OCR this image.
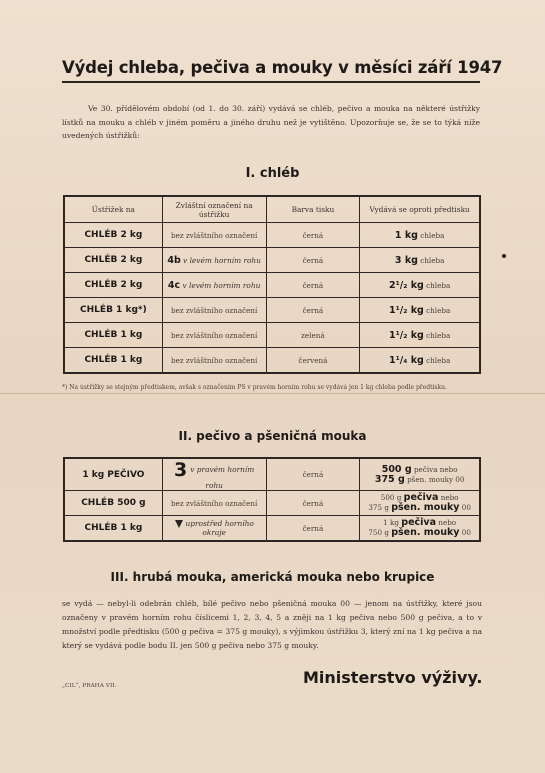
Výdej chleba, pečiva a mouky v měsíci září 1947
Ve 30. přídělovém období (od 1. do 30. září) vydává se chléb, pečivo a mouka na některé ústřižky lístků na mouku a chléb v jiném poměru a jiného druhu než je vytištěno. Upozorňuje se, že se to týká níže uvedených ústřižků:
I. chléb
Ústřižek na	Zvláštní označení na ústřižku	Barva tisku	Vydává se oproti předtisku
CHLÉB 2 kg	bez zvláštního označení	černá	1 kg chleba
CHLÉB 2 kg	4b v levém horním rohu	černá	3 kg chleba
CHLÉB 2 kg	4c v levém horním rohu	černá	2¹/₂ kg chleba
CHLÉB 1 kg*)	bez zvláštního označení	černá	1¹/₂ kg chleba
CHLÉB 1 kg	bez zvláštního označení	zelená	1¹/₂ kg chleba
CHLÉB 1 kg	bez zvláštního označení	červená	1¹/₄ kg chleba
*) Na ústřižky se stejným předtiskem, avšak s označením PS v pravém horním rohu se vydává jen 1 kg chleba podle předtisku.
II. pečivo a pšeničná mouka
1 kg PEČIVO	3 v pravém horním rohu	černá	500 g pečiva nebo
375 g pšen. mouky 00

CHLÉB 500 g	bez zvláštního označení	černá	500 g pečiva nebo
375 g pšen. mouky 00

CHLÉB 1 kg	uprostřed horního okraje	černá	1 kg pečiva nebo
750 g pšen. mouky 00
III. hrubá mouka, americká mouka nebo krupice
se vydá — nebyl-li odebrán chléb, bílé pečivo nebo pšeničná mouka 00 — jenom na ústřižky, které jsou označeny v pravém horním rohu číslicemi 1, 2, 3, 4, 5 a zněji na 1 kg pečiva nebo 500 g pečiva, a to v množství podle předtisku (500 g pečiva = 375 g mouky), s výjimkou ústřižku 3, který zní na 1 kg pečiva a na který se vydává podle bodu II. jen 500 g pečiva nebo 375 g mouky.
„CIL“, PRAHA VII.	Ministerstvo výživy.
